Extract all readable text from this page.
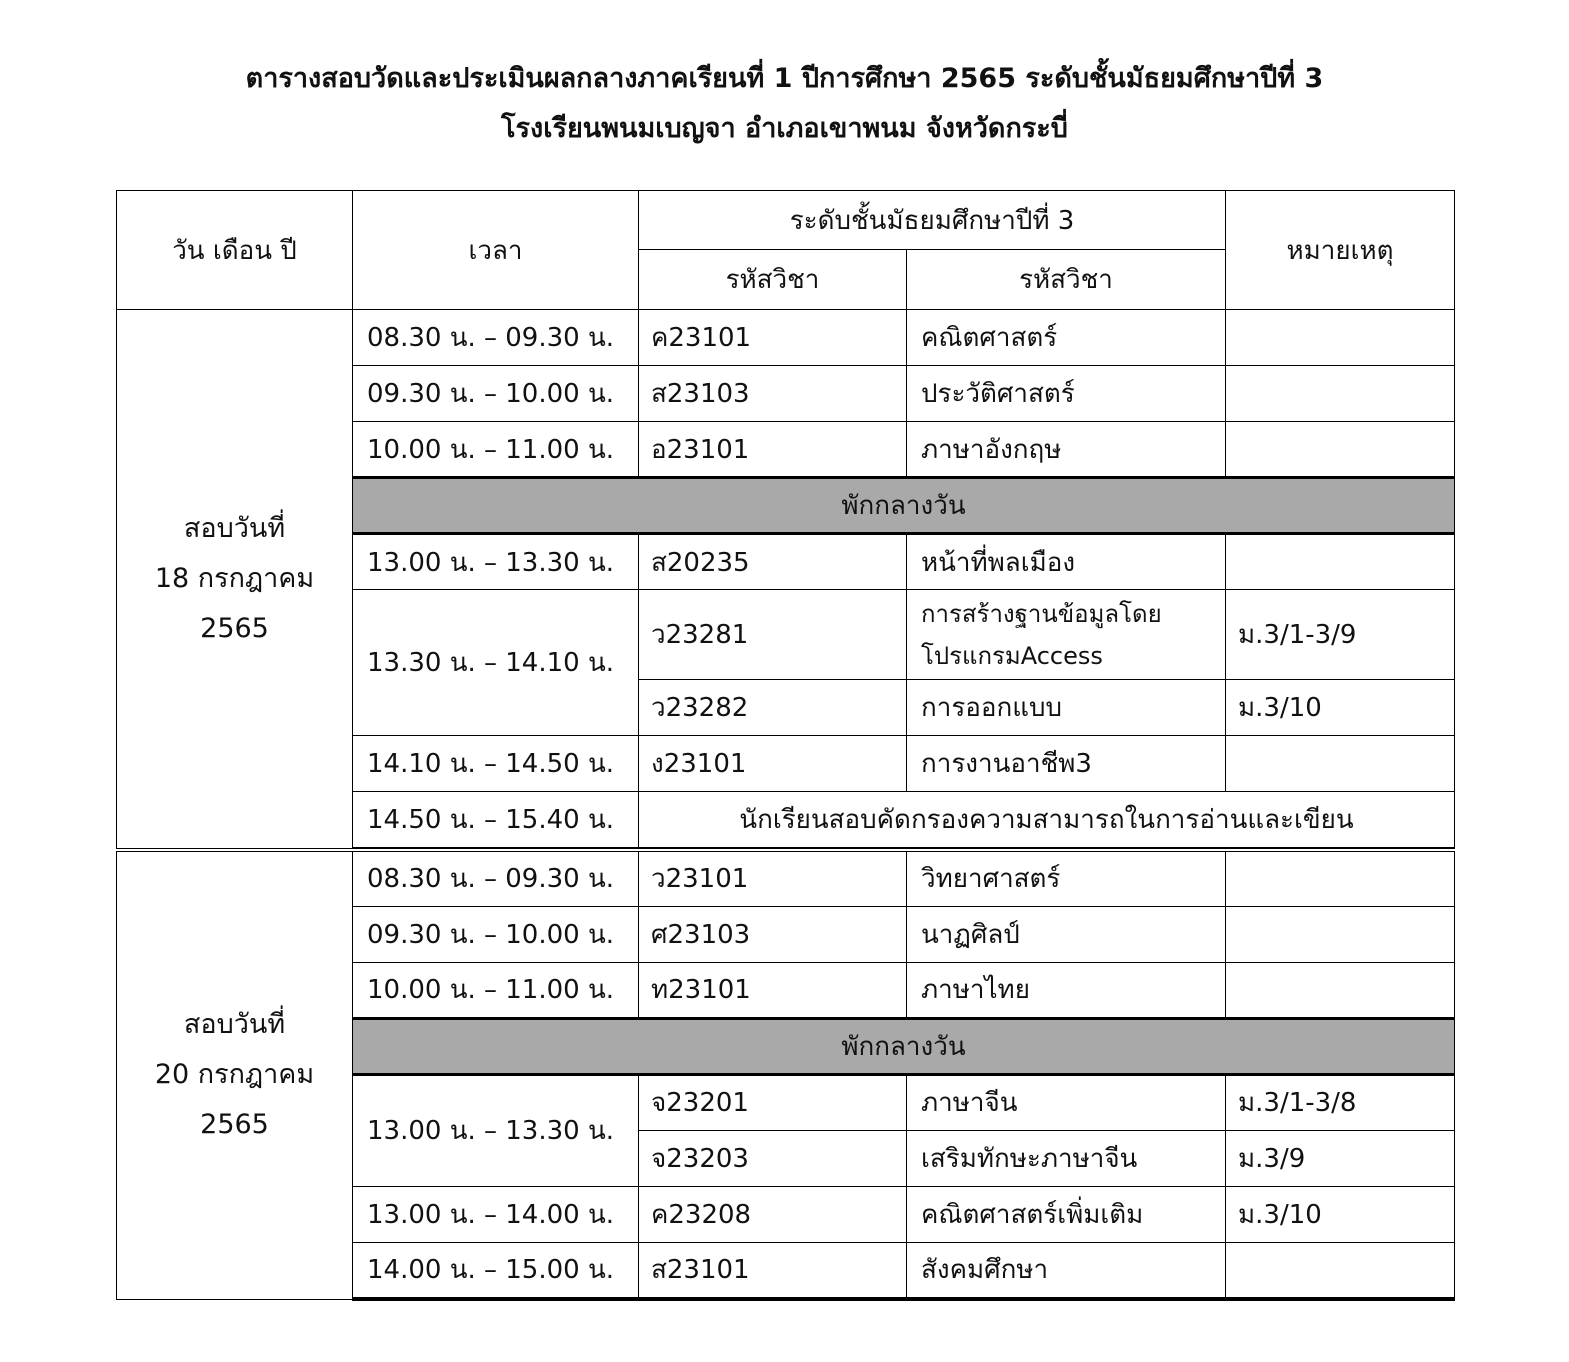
ตารางสอบวัดและประเมินผลกลางภาคเรียนที่ 1 ปีการศึกษา 2565 ระดับชั้นมัธยมศึกษาปีที่ 3
โรงเรียนพนมเบญจา อำเภอเขาพนม จังหวัดกระบี่
วัน เดือน ปี	เวลา	ระดับชั้นมัธยมศึกษาปีที่ 3		หมายเหตุ
		รหัสวิชา	รหัสวิชา	

สอบวันที่
18 กรกฎาคม
2565	08.30 น. – 09.30 น.	ค23101	คณิตศาสตร์	
	09.30 น. – 10.00 น.	ส23103	ประวัติศาสตร์	
	10.00 น. – 11.00 น.	อ23101	ภาษาอังกฤษ	
	พักกลางวัน			
	13.00 น. – 13.30 น.	ส20235	หน้าที่พลเมือง	
	13.30 น. – 14.10 น.	ว23281	การสร้างฐานข้อมูลโดย
โปรแกรมAccess	ม.3/1-3/9
		ว23282	การออกแบบ	ม.3/10
	14.10 น. – 14.50 น.	ง23101	การงานอาชีพ3	
	14.50 น. – 15.40 น.	นักเรียนสอบคัดกรองความสามารถในการอ่านและเขียน		

สอบวันที่
20 กรกฎาคม
2565	08.30 น. – 09.30 น.	ว23101	วิทยาศาสตร์	
	09.30 น. – 10.00 น.	ศ23103	นาฏศิลป์	
	10.00 น. – 11.00 น.	ท23101	ภาษาไทย	
	พักกลางวัน			
	13.00 น. – 13.30 น.	จ23201	ภาษาจีน	ม.3/1-3/8
		จ23203	เสริมทักษะภาษาจีน	ม.3/9
	13.00 น. – 14.00 น.	ค23208	คณิตศาสตร์เพิ่มเติม	ม.3/10
	14.00 น. – 15.00 น.	ส23101	สังคมศึกษา	
